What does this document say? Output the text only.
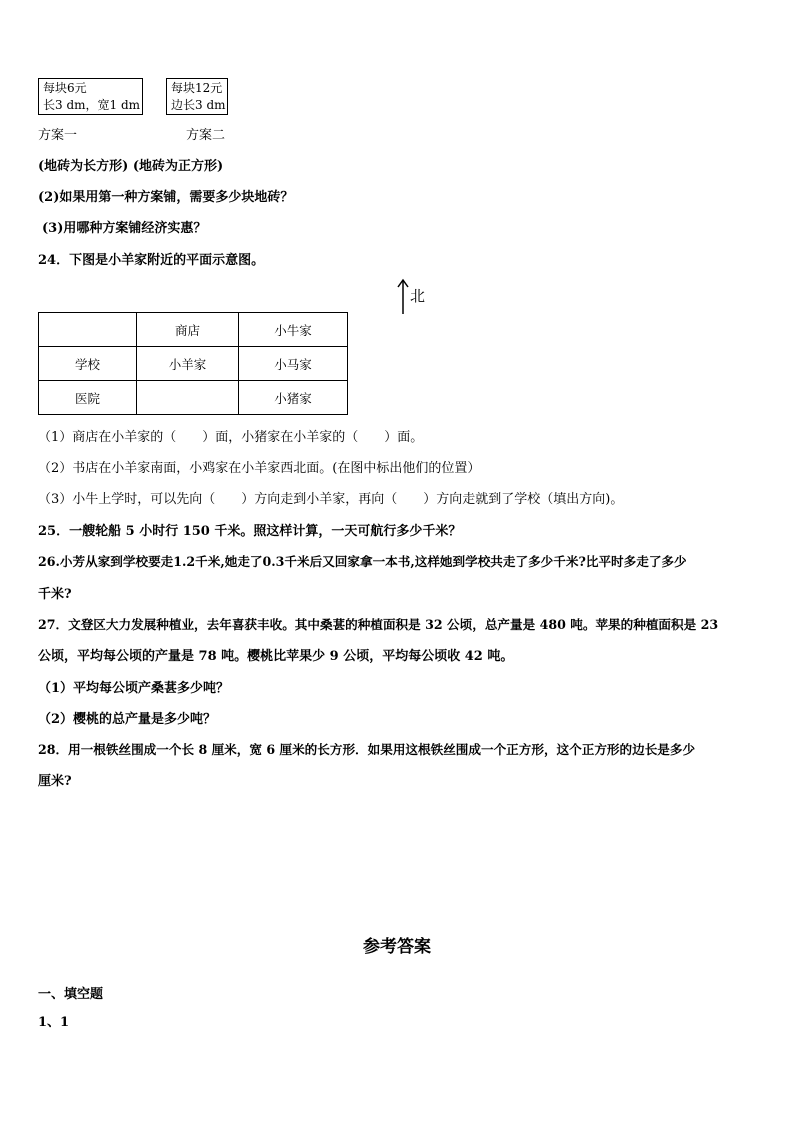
每块6元
长3 dm，宽1 dm
每块12元
边长3 dm
方案一	方案二
(地砖为长方形) (地砖为正方形)
(2)如果用第一种方案铺，需要多少块地砖？
(3)用哪种方案铺经济实惠？
24．下图是小羊家附近的平面示意图。
北
	商店	小牛家
学校	小羊家	小马家
医院		小猪家
（1）商店在小羊家的（　　）面，小猪家在小羊家的（　　）面。
（2）书店在小羊家南面，小鸡家在小羊家西北面。(在图中标出他们的位置）
（3）小牛上学时，可以先向（　　）方向走到小羊家，再向（　　）方向走就到了学校（填出方向)。
25．一艘轮船 5 小时行 150 千米。照这样计算，一天可航行多少千米？
26.小芳从家到学校要走1.2千米,她走了0.3千米后又回家拿一本书,这样她到学校共走了多少千米?比平时多走了多少
千米?
27．文登区大力发展种植业，去年喜获丰收。其中桑葚的种植面积是 32 公顷，总产量是 480 吨。苹果的种植面积是 23
公顷，平均每公顷的产量是 78 吨。樱桃比苹果少 9 公顷，平均每公顷收 42 吨。
（1）平均每公顷产桑葚多少吨？
（2）樱桃的总产量是多少吨？
28．用一根铁丝围成一个长 8 厘米，宽 6 厘米的长方形．如果用这根铁丝围成一个正方形，这个正方形的边长是多少
厘米?
参考答案
一、填空题
1、1
